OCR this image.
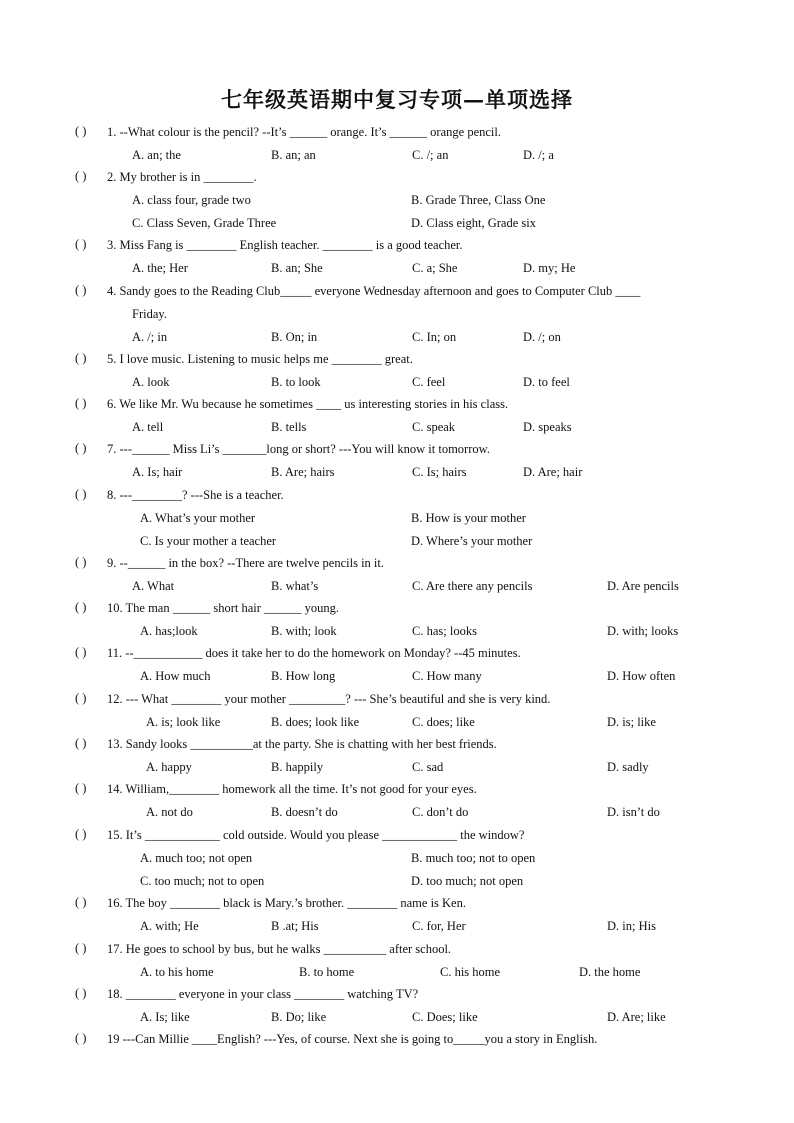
七年级英语期中复习专项—单项选择
( ) 1. --What colour is the pencil? --It’s ______ orange. It’s ______ orange pencil.
A. an; the	B. an; an	C. /; an	D. /; a
( ) 2. My brother is in ________.
A. class four, grade two	B. Grade Three, Class One
C. Class Seven, Grade Three	D. Class eight, Grade six
( ) 3. Miss Fang is ________ English teacher. ________ is a good teacher.
A. the; Her	B. an; She	C. a; She	D. my; He
( ) 4. Sandy goes to the Reading Club_____ everyone Wednesday afternoon and goes to Computer Club ____
Friday.
A. /; in	B. On; in	C. In; on	D. /; on
( ) 5. I love music. Listening to music helps me ________ great.
A. look	B. to look	C. feel	D. to feel
( ) 6. We like Mr. Wu because he sometimes ____ us interesting stories in his class.
A. tell	B. tells	C. speak	D. speaks
( ) 7. ---______ Miss Li’s _______long or short? ---You will know it tomorrow.
A. Is; hair	B. Are; hairs	C. Is; hairs	D. Are; hair
( ) 8. ---________? ---She is a teacher.
A. What’s your mother	B. How is your mother
C. Is your mother a teacher	D. Where’s your mother
( ) 9. --______ in the box? --There are twelve pencils in it.
A. What	B. what’s	C. Are there any pencils	D. Are pencils
( ) 10. The man ______ short hair ______ young.
A. has;look	B. with; look	C. has; looks	D. with; looks
( ) 11. --___________ does it take her to do the homework on Monday? --45 minutes.
A. How much	B. How long	C. How many	D. How often
( ) 12. --- What ________ your mother _________? --- She’s beautiful and she is very kind.
A. is; look like	B. does; look like	C. does; like	D. is; like
( ) 13. Sandy looks __________at the party. She is chatting with her best friends.
A. happy	B. happily	C. sad	D. sadly
( ) 14. William,________ homework all the time. It’s not good for your eyes.
A. not do	B. doesn’t do	C. don’t do	D. isn’t do
( ) 15. It’s ____________ cold outside. Would you please ____________ the window?
A. much too; not open	B. much too; not to open
C. too much; not to open	D. too much; not open
( ) 16. The boy ________ black is Mary.’s brother. ________ name is Ken.
A. with; He	B .at; His	C. for, Her	D. in; His
( ) 17. He goes to school by bus, but he walks __________ after school.
A. to his home	B. to home	C. his home	D. the home
( ) 18. ________ everyone in your class ________ watching TV?
A. Is; like	B. Do; like	C. Does; like	D. Are; like
( ) 19 ---Can Millie ____English? ---Yes, of course. Next she is going to_____you a story in English.
